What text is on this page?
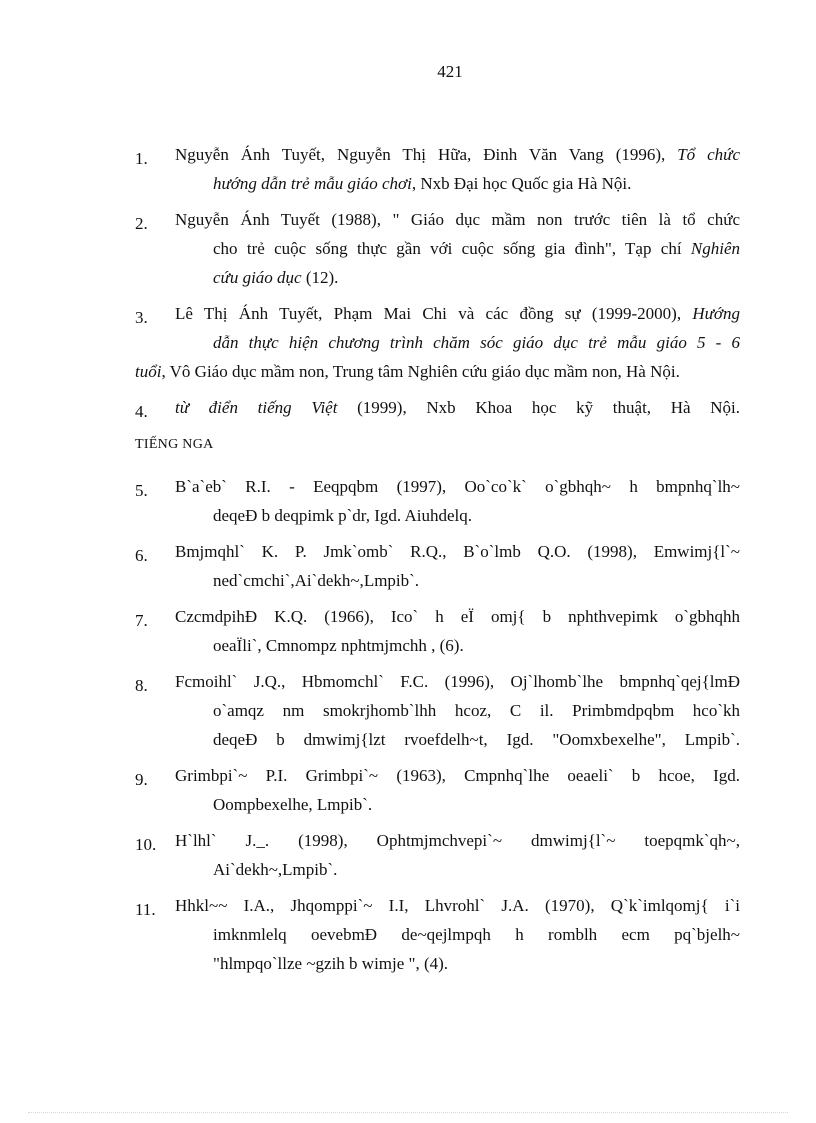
421
1. Nguyễn Ánh Tuyết, Nguyễn Thị Hữa, Đinh Văn Vang (1996), Tổ chức
hướng dẫn trẻ mẫu giáo chơi, Nxb Đại học Quốc gia Hà Nội.
2. Nguyễn Ánh Tuyết (1988), " Giáo dục mầm non trước tiên là tổ chức
cho trẻ cuộc sống thực gần với cuộc sống gia đình", Tạp chí Nghiên
cứu giáo dục (12).
3. Lê Thị Ánh Tuyết, Phạm Mai Chi và các đồng sự (1999-2000), Hướng
dẫn thực hiện chương trình chăm sóc giáo dục trẻ mẫu giáo 5 - 6
tuổi, Vô Giáo dục mầm non, Trung tâm Nghiên cứu giáo dục mầm non, Hà Nội.
4. từ điển tiếng Việt (1999), Nxb Khoa học kỹ thuật, Hà Nội.
TIẾNG NGA
5. B`a`eb` R.I. - Eeqpqbm (1997), Oo`co`k` o`gbhqh~ h bmpnhq`lh~
deqeÐ b deqpimk p`dr, Igd. Aiuhdelq.
6. Bmjmqhl` K. P. Jmk`omb` R.Q., B`o`lmb Q.O. (1998), Emwimj{l`~
ned`cmchi`,Ai`dekh~,Lmpib`.
7. CzcmdpihÐ K.Q. (1966), Ico` h eЇ omj{ b nphthvepimk o`gbhqhh
oeaЇli`, Cmnompz nphtmjmchh , (6).
8. Fcmoihl` J.Q., Hbmomchl` F.C. (1996), Oj`lhomb`lhe bmpnhq`qej{lmÐ
o`amqz nm smokrjhomb`lhh hcoz, C il. Primbmdpqbm hco`kh
deqeÐ b dmwimj{lzt rvoefdelh~t, Igd. "Oomxbexelhe", Lmpib`.
9. Grimbpi`~ P.I. Grimbpi`~ (1963), Cmpnhq`lhe oeaeli` b hcoe, Igd.
Oompbexelhe, Lmpib`.
10. H`lhl` J._. (1998), Ophtmjmchvepi`~ dmwimj{l`~ toepqmk`qh~,
Ai`dekh~,Lmpib`.
11. Hhkl~~ I.A., Jhqomppi`~ I.I, Lhvrohl` J.A. (1970), Q`k`imlqomj{ i`i
imknmlelq oevebmÐ de~qejlmpqh h romblh ecm pq`bjelh~
"hlmpqo`llze ~gzih b wimje ", (4).
